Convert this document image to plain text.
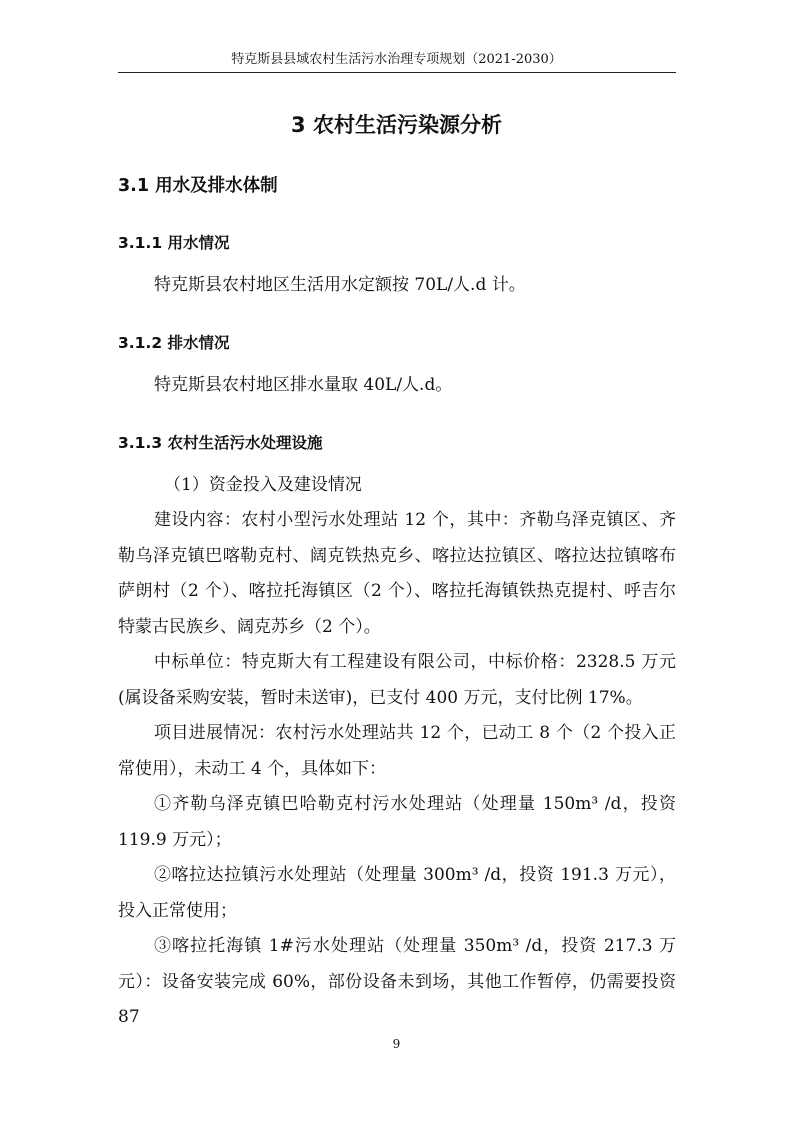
特克斯县县域农村生活污水治理专项规划（2021-2030）
3 农村生活污染源分析
3.1 用水及排水体制
3.1.1 用水情况
特克斯县农村地区生活用水定额按 70L/人.d 计。
3.1.2 排水情况
特克斯县农村地区排水量取 40L/人.d。
3.1.3 农村生活污水处理设施
（1）资金投入及建设情况
建设内容：农村小型污水处理站 12 个，其中：齐勒乌泽克镇区、齐勒乌泽克镇巴喀勒克村、阔克铁热克乡、喀拉达拉镇区、喀拉达拉镇喀布萨朗村（2 个）、喀拉托海镇区（2 个）、喀拉托海镇铁热克提村、呼吉尔特蒙古民族乡、阔克苏乡（2 个）。
中标单位：特克斯大有工程建设有限公司，中标价格：2328.5 万元(属设备采购安装，暂时未送审)，已支付 400 万元，支付比例 17%。
项目进展情况：农村污水处理站共 12 个，已动工 8 个（2 个投入正常使用），未动工 4 个，具体如下：
①齐勒乌泽克镇巴哈勒克村污水处理站（处理量 150m³ /d，投资 119.9 万元）；
②喀拉达拉镇污水处理站（处理量 300m³ /d，投资 191.3 万元），投入正常使用；
③喀拉托海镇 1#污水处理站（处理量 350m³ /d，投资 217.3 万元）：设备安装完成 60%，部份设备未到场，其他工作暂停，仍需要投资 87
9
